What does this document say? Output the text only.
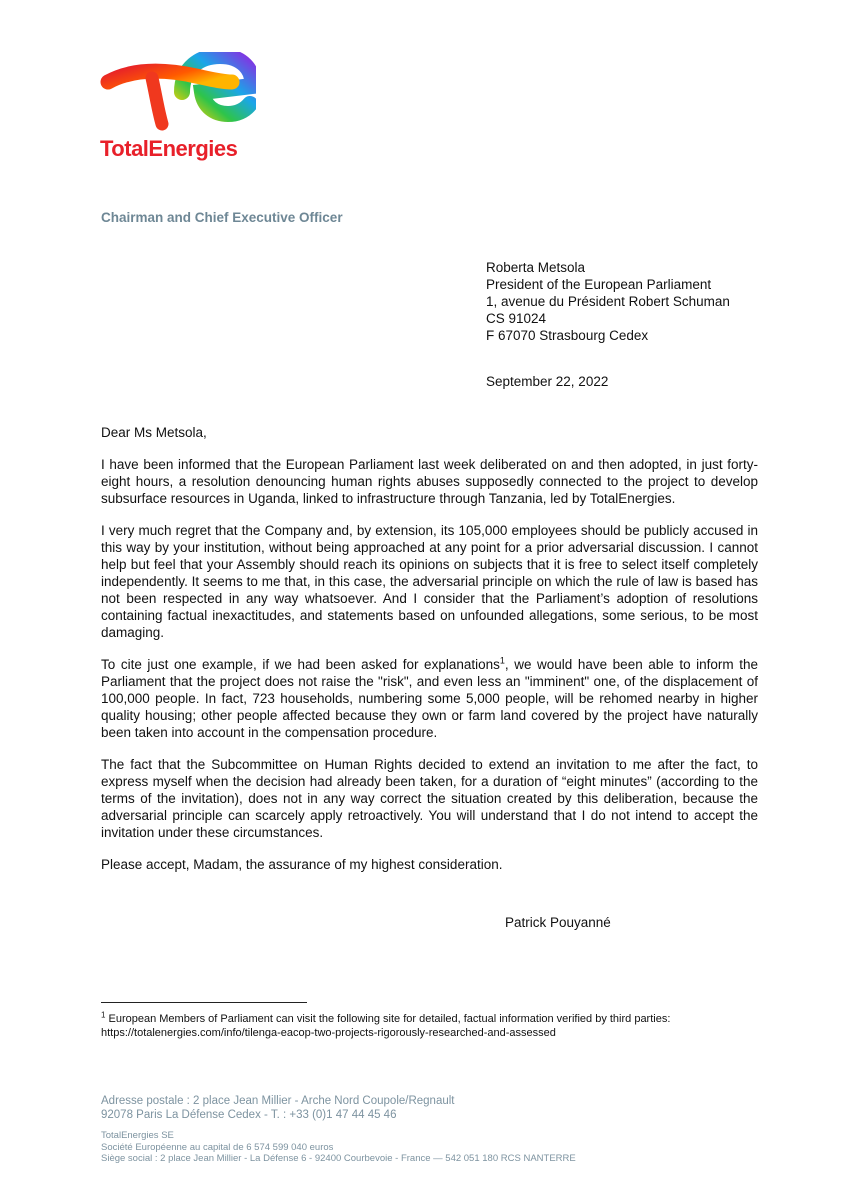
TotalEnergies
Chairman and Chief Executive Officer
Roberta Metsola
President of the European Parliament
1, avenue du Président Robert Schuman
CS 91024
F 67070 Strasbourg Cedex
September 22, 2022

Dear Ms Metsola,

I have been informed that the European Parliament last week deliberated on and then adopted, in just forty-eight hours, a resolution denouncing human rights abuses supposedly connected to the project to develop subsurface resources in Uganda, linked to infrastructure through Tanzania, led by TotalEnergies.

I very much regret that the Company and, by extension, its 105,000 employees should be publicly accused in this way by your institution, without being approached at any point for a prior adversarial discussion. I cannot help but feel that your Assembly should reach its opinions on subjects that it is free to select itself completely independently. It seems to me that, in this case, the adversarial principle on which the rule of law is based has not been respected in any way whatsoever. And I consider that the Parliament’s adoption of resolutions containing factual inexactitudes, and statements based on unfounded allegations, some serious, to be most damaging.

To cite just one example, if we had been asked for explanations$^1$, we would have been able to inform the Parliament that the project does not raise the "risk", and even less an "imminent" one, of the displacement of 100,000 people. In fact, 723 households, numbering some 5,000 people, will be rehomed nearby in higher quality housing; other people affected because they own or farm land covered by the project have naturally been taken into account in the compensation procedure.

The fact that the Subcommittee on Human Rights decided to extend an invitation to me after the fact, to express myself when the decision had already been taken, for a duration of “eight minutes” (according to the terms of the invitation), does not in any way correct the situation created by this deliberation, because the adversarial principle can scarcely apply retroactively. You will understand that I do not intend to accept the invitation under these circumstances.

Please accept, Madam, the assurance of my highest consideration.

Patrick Pouyanné
$^1$ European Members of Parliament can visit the following site for detailed, factual information verified by third parties:
https://totalenergies.com/info/tilenga-eacop-two-projects-rigorously-researched-and-assessed
Adresse postale : 2 place Jean Millier - Arche Nord Coupole/Regnault
92078 Paris La Défense Cedex - T. : +33 (0)1 47 44 45 46
TotalEnergies SE
Société Européenne au capital de 6 574 599 040 euros
Siège social : 2 place Jean Millier - La Défense 6 - 92400 Courbevoie - France — 542 051 180 RCS NANTERRE
